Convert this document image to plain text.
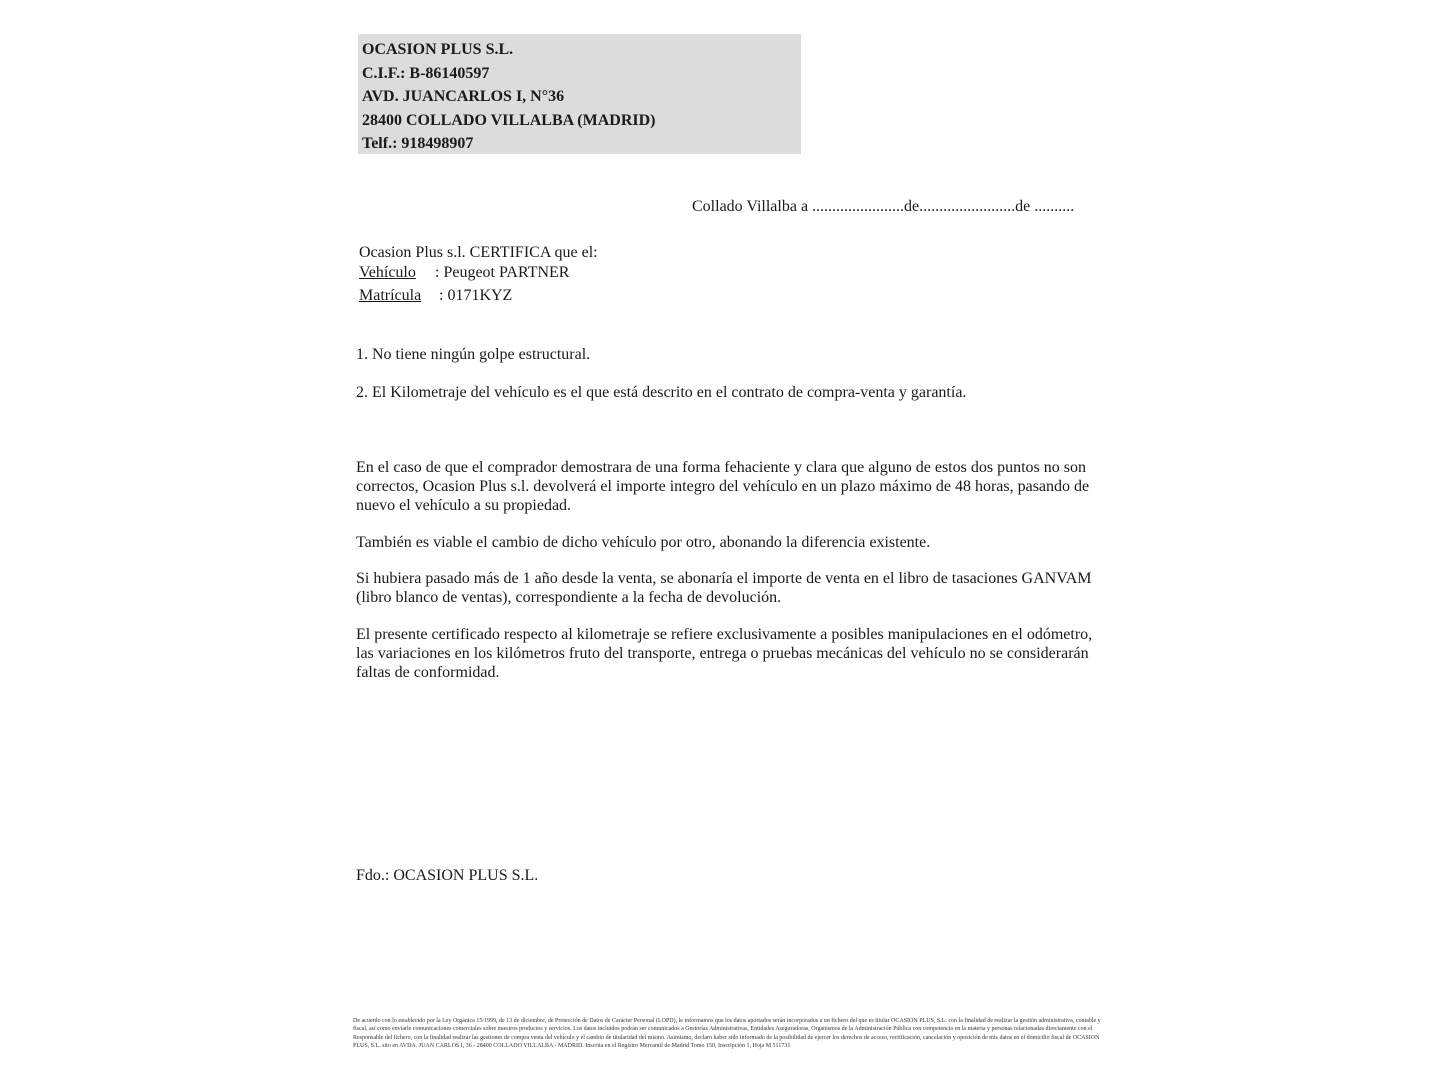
OCASION PLUS S.L.
C.I.F.: B-86140597
AVD. JUANCARLOS I, N°36
28400 COLLADO VILLALBA (MADRID)
Telf.: 918498907
Collado Villalba a .......................de........................de ..........
Ocasion Plus s.l. CERTIFICA que el:
Vehículo : Peugeot PARTNER
Matrícula : 0171KYZ
1. No tiene ningún golpe estructural.
2. El Kilometraje del vehículo es el que está descrito en el contrato de compra-venta y garantía.
En el caso de que el comprador demostrara de una forma fehaciente y clara que alguno de estos dos puntos no son correctos, Ocasion Plus s.l. devolverá el importe integro del vehículo en un plazo máximo de 48 horas, pasando de nuevo el vehículo a su propiedad.
También es viable el cambio de dicho vehículo por otro, abonando la diferencia existente.
Si hubiera pasado más de 1 año desde la venta, se abonaría el importe de venta en el libro de tasaciones GANVAM (libro blanco de ventas), correspondiente a la fecha de devolución.
El presente certificado respecto al kilometraje se refiere exclusivamente a posibles manipulaciones en el odómetro, las variaciones en los kilómetros fruto del transporte, entrega o pruebas mecánicas del vehículo no se considerarán faltas de conformidad.
Fdo.: OCASION PLUS S.L.
De acuerdo con lo establecido por la Ley Orgánica 15/1999, de 13 de diciembre, de Protección de Datos de Carácter Personal (LOPD), le informamos que los datos aportados serán incorporados a un fichero del que es titular OCASION PLUS, S.L. con la finalidad de realizar la gestión administrativa, contable y fiscal, así como enviarle comunicaciones comerciales sobre nuestros productos y servicios. Los datos incluidos podrán ser comunicados a Gestorías Administrativas, Entidades Aseguradoras, Organismos de la Administración Pública con competencia en la materia y personas relacionadas directamente con el Responsable del fichero, con la finalidad realizar las gestiones de compra venta del vehículo y el cambio de titularidad del mismo. Asimismo, declaro haber sido informado de la posibilidad de ejercer los derechos de acceso, rectificación, cancelación y oposición de mis datos en el domicilio fiscal de OCASION PLUS, S.L. sito en AVDA. JUAN CARLOS I, 36 - 28400 COLLADO VILLALBA - MADRID. Inscrita en el Registro Mercantil de Madrid Tomo 150, Inscripción 1, Hoja M 511731
